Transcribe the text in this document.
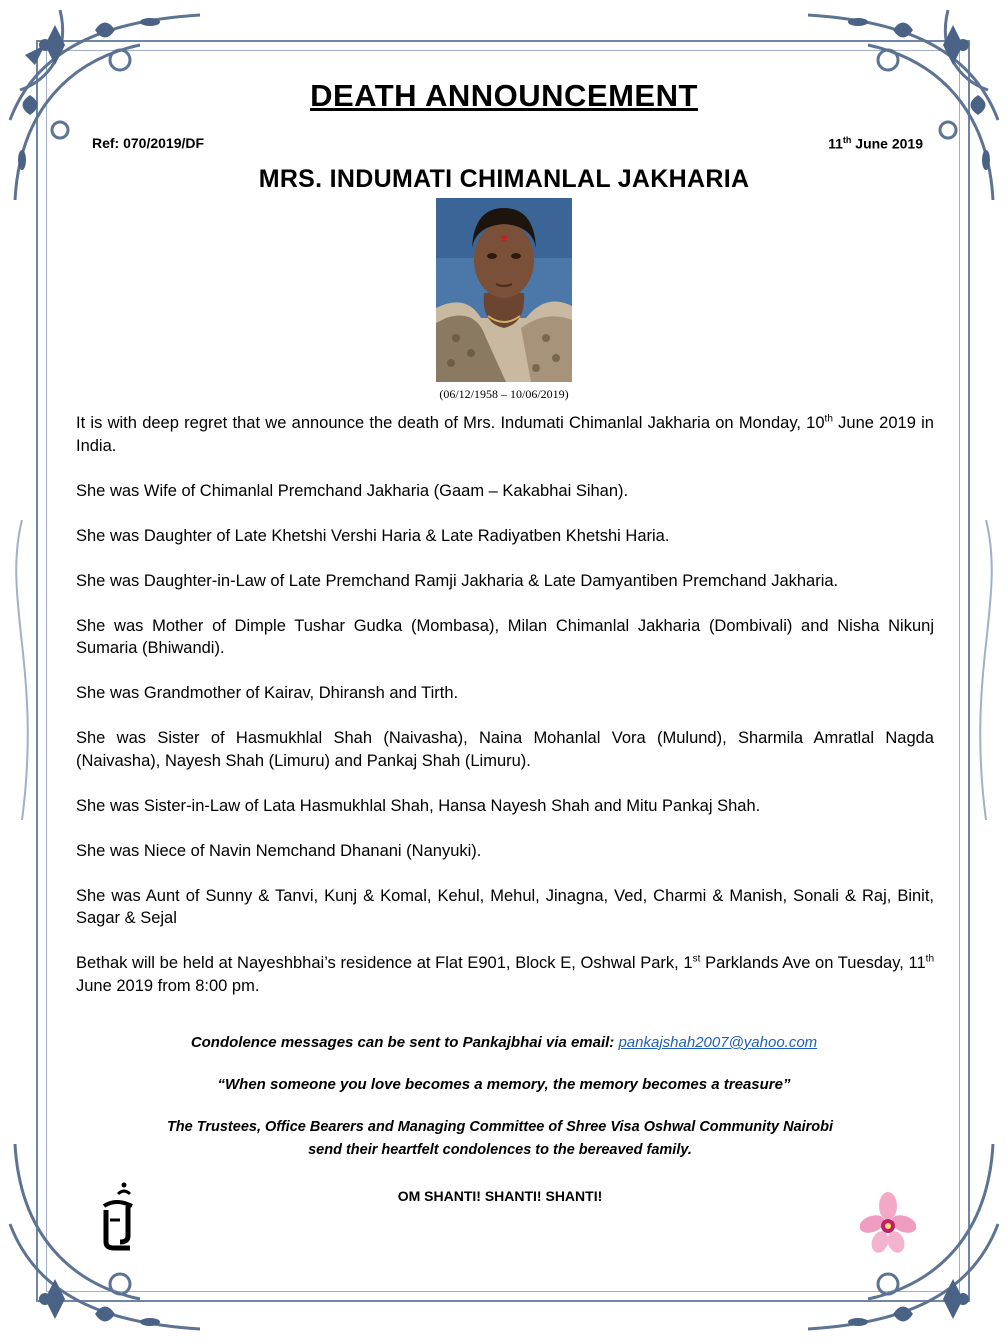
DEATH ANNOUNCEMENT
Ref: 070/2019/DF	11th June 2019
MRS. INDUMATI CHIMANLAL JAKHARIA
(06/12/1958 – 10/06/2019)

It is with deep regret that we announce the death of Mrs. Indumati Chimanlal Jakharia on Monday, 10th June 2019 in India.

She was Wife of Chimanlal Premchand Jakharia (Gaam – Kakabhai Sihan).

She was Daughter of Late Khetshi Vershi Haria & Late Radiyatben Khetshi Haria.

She was Daughter-in-Law of Late Premchand Ramji Jakharia & Late Damyantiben Premchand Jakharia.

She was Mother of Dimple Tushar Gudka (Mombasa), Milan Chimanlal Jakharia (Dombivali) and Nisha Nikunj Sumaria (Bhiwandi).

She was Grandmother of Kairav, Dhiransh and Tirth.

She was Sister of Hasmukhlal Shah (Naivasha), Naina Mohanlal Vora (Mulund), Sharmila Amratlal Nagda (Naivasha), Nayesh Shah (Limuru) and Pankaj Shah (Limuru).

She was Sister-in-Law of Lata Hasmukhlal Shah, Hansa Nayesh Shah and Mitu Pankaj Shah.

She was Niece of Navin Nemchand Dhanani (Nanyuki).

She was Aunt of Sunny & Tanvi, Kunj & Komal, Kehul, Mehul, Jinagna, Ved, Charmi & Manish, Sonali & Raj, Binit, Sagar & Sejal

Bethak will be held at Nayeshbhai’s residence at Flat E901, Block E, Oshwal Park, 1st Parklands Ave on Tuesday, 11th June 2019 from 8:00 pm.

Condolence messages can be sent to Pankajbhai via email: pankajshah2007@yahoo.com
“When someone you love becomes a memory, the memory becomes a treasure”
The Trustees, Office Bearers and Managing Committee of Shree Visa Oshwal Community Nairobi
send their heartfelt condolences to the bereaved family.
OM SHANTI! SHANTI! SHANTI!
